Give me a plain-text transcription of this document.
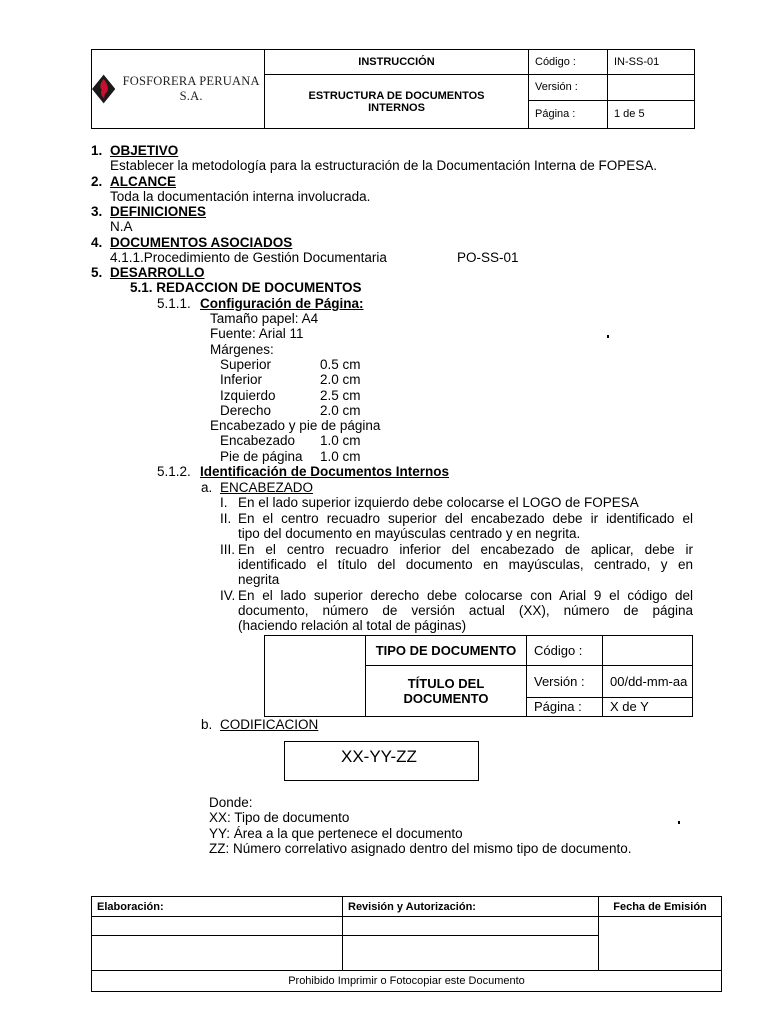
FOSFORERA PERUANA S.A.	INSTRUCCIÓN	Código :	IN-SS-01
	ESTRUCTURA DE DOCUMENTOS INTERNOS	Versión :	
		Página :	1 de 5
1. OBJETIVO
Establecer la metodología para la estructuración de la Documentación Interna de FOPESA.
2. ALCANCE
Toda la documentación interna involucrada.
3. DEFINICIONES
N.A
4. DOCUMENTOS ASOCIADOS
4.1.1.Procedimiento de Gestión Documentaria	PO-SS-01
5. DESARROLLO
5.1. REDACCION DE DOCUMENTOS
5.1.1. Configuración de Página:
Tamaño papel: A4
Fuente: Arial 11
Márgenes:
Superior	0.5 cm
Inferior	2.0 cm
Izquierdo	2.5 cm
Derecho	2.0 cm
Encabezado y pie de página
Encabezado 1.0 cm
Pie de página 1.0 cm
5.1.2. Identificación de Documentos Internos
a. ENCABEZADO
I. En el lado superior izquierdo debe colocarse el LOGO de FOPESA
II. En el centro recuadro superior del encabezado debe ir identificado el
tipo del documento en mayúsculas centrado y en negrita.
III. En el centro recuadro inferior del encabezado de aplicar, debe ir
identificado el título del documento en mayúsculas, centrado, y en
negrita
IV. En el lado superior derecho debe colocarse con Arial 9 el código del
documento, número de versión actual (XX), número de página
(haciendo relación al total de páginas)
	TIPO DE DOCUMENTO	Código :	
	TÍTULO DEL DOCUMENTO	Versión :	00/dd-mm-aa
		Página :	X de Y
b. CODIFICACION
XX-YY-ZZ
Donde:
XX: Tipo de documento
YY: Área a la que pertenece el documento
ZZ: Número correlativo asignado dentro del mismo tipo de documento.
Elaboración:	Revisión y Autorización:	Fecha de Emisión

Prohibido Imprimir o Fotocopiar este Documento		
